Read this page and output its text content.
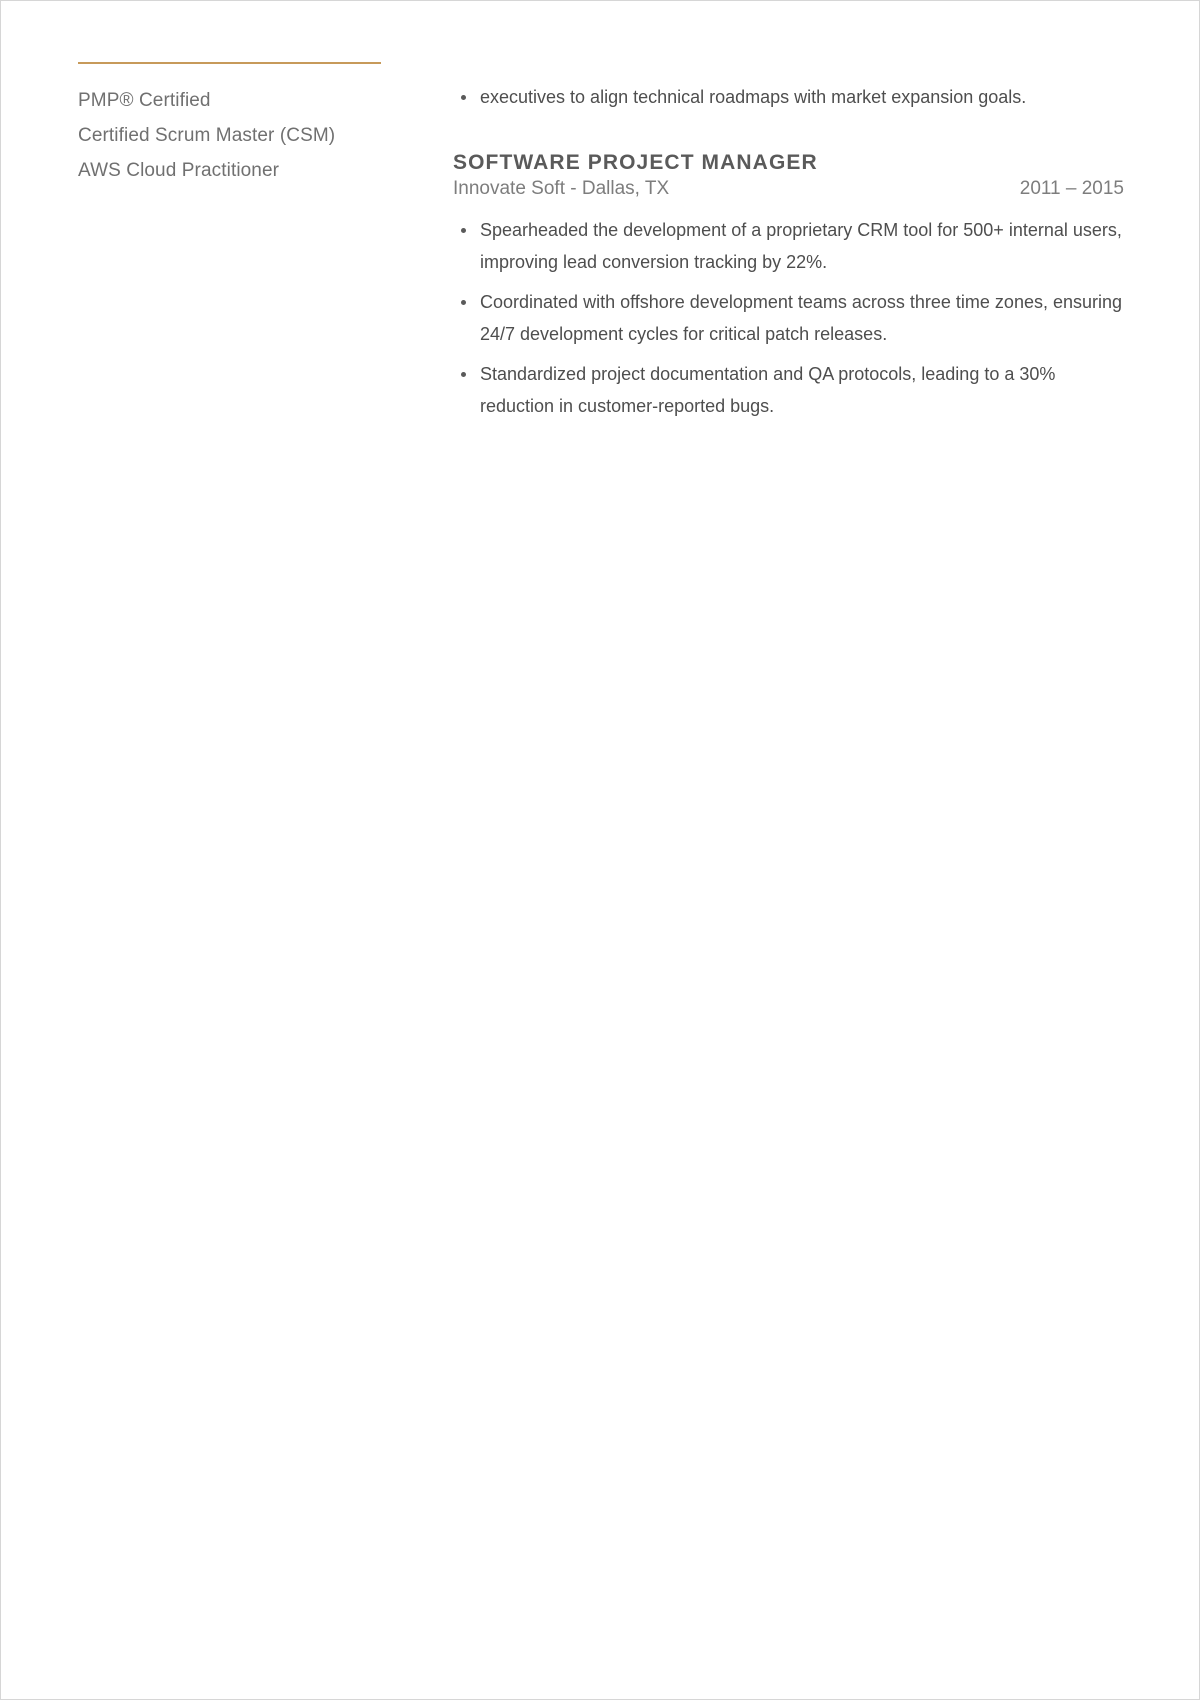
PMP® Certified
Certified Scrum Master (CSM)
AWS Cloud Practitioner
executives to align technical roadmaps with market expansion goals.
SOFTWARE PROJECT MANAGER
Innovate Soft - Dallas, TX	2011 – 2015
Spearheaded the development of a proprietary CRM tool for 500+ internal users, improving lead conversion tracking by 22%.
Coordinated with offshore development teams across three time zones, ensuring 24/7 development cycles for critical patch releases.
Standardized project documentation and QA protocols, leading to a 30% reduction in customer-reported bugs.
